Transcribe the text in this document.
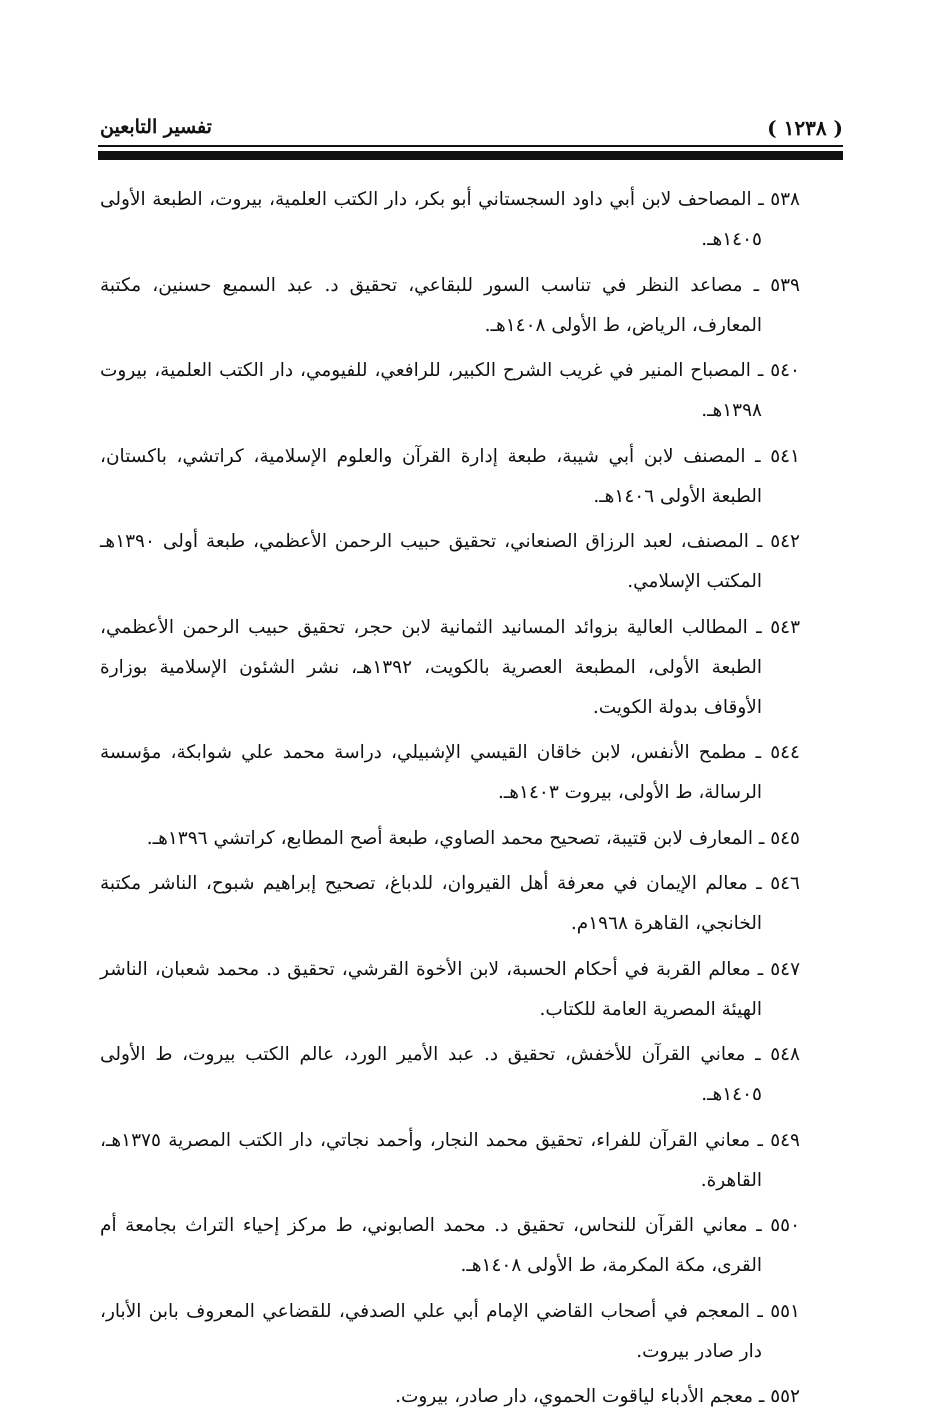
تفسير التابعين	( ١٢٣٨ )
٥٣٨ ـ المصاحف لابن أبي داود السجستاني أبو بكر، دار الكتب العلمية، بيروت، الطبعة الأولى ١٤٠٥هـ.
٥٣٩ ـ مصاعد النظر في تناسب السور للبقاعي، تحقيق د. عبد السميع حسنين، مكتبة المعارف، الرياض، ط الأولى ١٤٠٨هـ.
٥٤٠ ـ المصباح المنير في غريب الشرح الكبير، للرافعي، للفيومي، دار الكتب العلمية، بيروت ١٣٩٨هـ.
٥٤١ ـ المصنف لابن أبي شيبة، طبعة إدارة القرآن والعلوم الإسلامية، كراتشي، باكستان، الطبعة الأولى ١٤٠٦هـ.
٥٤٢ ـ المصنف، لعبد الرزاق الصنعاني، تحقيق حبيب الرحمن الأعظمي، طبعة أولى ١٣٩٠هـ المكتب الإسلامي.
٥٤٣ ـ المطالب العالية بزوائد المسانيد الثمانية لابن حجر، تحقيق حبيب الرحمن الأعظمي، الطبعة الأولى، المطبعة العصرية بالكويت، ١٣٩٢هـ، نشر الشئون الإسلامية بوزارة الأوقاف بدولة الكويت.
٥٤٤ ـ مطمح الأنفس، لابن خاقان القيسي الإشبيلي، دراسة محمد علي شوابكة، مؤسسة الرسالة، ط الأولى، بيروت ١٤٠٣هـ.
٥٤٥ ـ المعارف لابن قتيبة، تصحيح محمد الصاوي، طبعة أصح المطابع، كراتشي ١٣٩٦هـ.
٥٤٦ ـ معالم الإيمان في معرفة أهل القيروان، للدباغ، تصحيح إبراهيم شبوح، الناشر مكتبة الخانجي، القاهرة ١٩٦٨م.
٥٤٧ ـ معالم القربة في أحكام الحسبة، لابن الأخوة القرشي، تحقيق د. محمد شعبان، الناشر الهيئة المصرية العامة للكتاب.
٥٤٨ ـ معاني القرآن للأخفش، تحقيق د. عبد الأمير الورد، عالم الكتب بيروت، ط الأولى ١٤٠٥هـ.
٥٤٩ ـ معاني القرآن للفراء، تحقيق محمد النجار، وأحمد نجاتي، دار الكتب المصرية ١٣٧٥هـ، القاهرة.
٥٥٠ ـ معاني القرآن للنحاس، تحقيق د. محمد الصابوني، ط مركز إحياء التراث بجامعة أم القرى، مكة المكرمة، ط الأولى ١٤٠٨هـ.
٥٥١ ـ المعجم في أصحاب القاضي الإمام أبي علي الصدفي، للقضاعي المعروف بابن الأبار، دار صادر بيروت.
٥٥٢ ـ معجم الأدباء لياقوت الحموي، دار صادر، بيروت.
